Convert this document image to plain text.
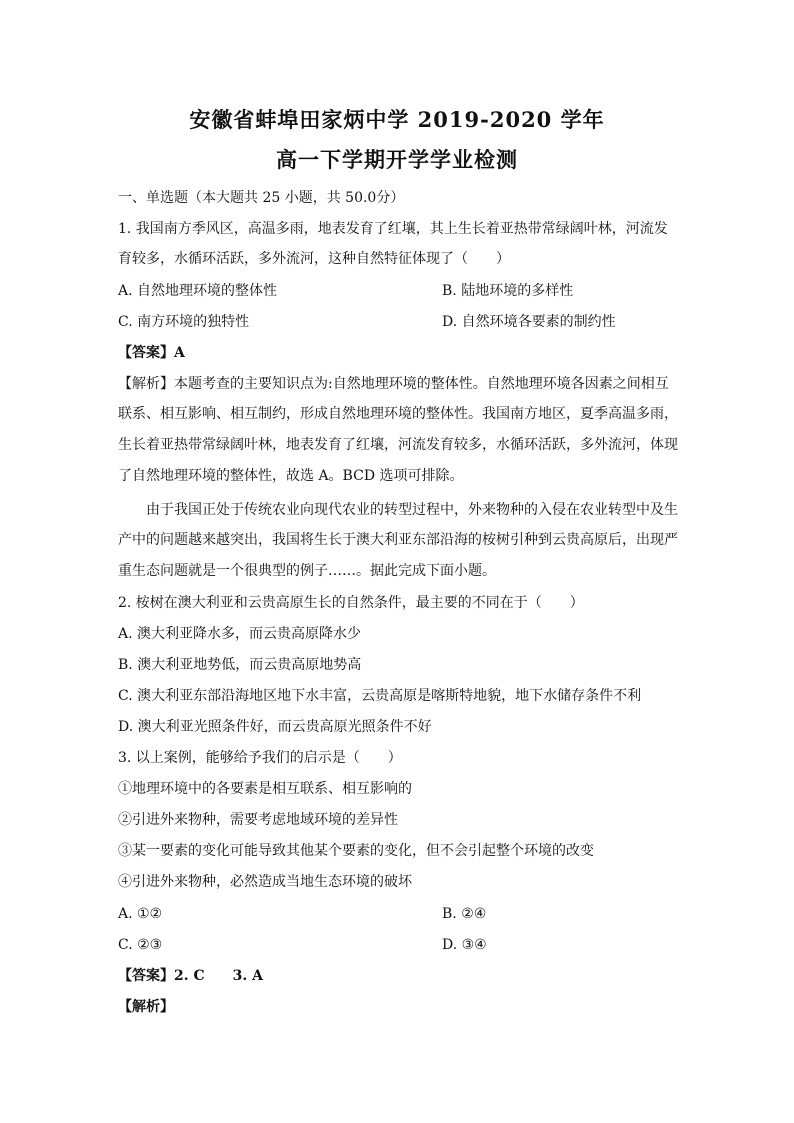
安徽省蚌埠田家炳中学 2019-2020 学年
高一下学期开学学业检测
一、单选题（本大题共 25 小题，共 50.0分）
1. 我国南方季风区，高温多雨，地表发育了红壤，其上生长着亚热带常绿阔叶林，河流发
育较多，水循环活跃，多外流河，这种自然特征体现了（　　）
A. 自然地理环境的整体性	B. 陆地环境的多样性
C. 南方环境的独特性	D. 自然环境各要素的制约性
【答案】A
【解析】本题考查的主要知识点为:自然地理环境的整体性。自然地理环境各因素之间相互
联系、相互影响、相互制约，形成自然地理环境的整体性。我国南方地区，夏季高温多雨，
生长着亚热带常绿阔叶林，地表发育了红壤，河流发育较多，水循环活跃，多外流河，体现
了自然地理环境的整体性，故选 A。BCD 选项可排除。
由于我国正处于传统农业向现代农业的转型过程中，外来物种的入侵在农业转型中及生
产中的问题越来越突出，我国将生长于澳大利亚东部沿海的桉树引种到云贵高原后，出现严
重生态问题就是一个很典型的例子……。据此完成下面小题。
2. 桉树在澳大利亚和云贵高原生长的自然条件，最主要的不同在于（　　）
A. 澳大利亚降水多，而云贵高原降水少
B. 澳大利亚地势低，而云贵高原地势高
C. 澳大利亚东部沿海地区地下水丰富，云贵高原是喀斯特地貌，地下水储存条件不利
D. 澳大利亚光照条件好，而云贵高原光照条件不好
3. 以上案例，能够给予我们的启示是（　　）
①地理环境中的各要素是相互联系、相互影响的
②引进外来物种，需要考虑地域环境的差异性
③某一要素的变化可能导致其他某个要素的变化，但不会引起整个环境的改变
④引进外来物种，必然造成当地生态环境的破坏
A. ①②	B. ②④
C. ②③	D. ③④
【答案】2. C　　3. A
【解析】
